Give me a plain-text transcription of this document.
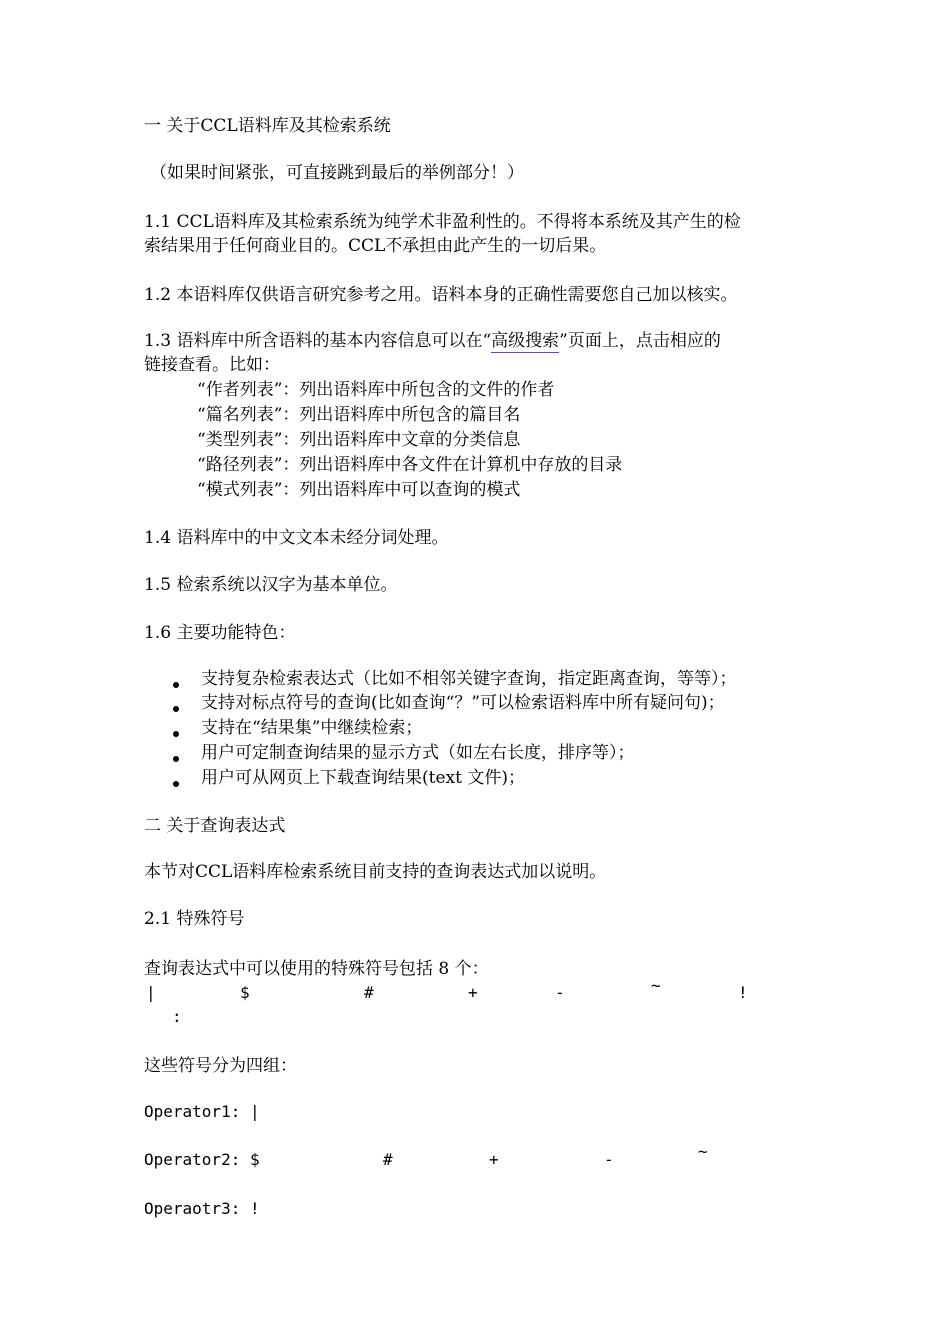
一 关于CCL语料库及其检索系统
（如果时间紧张，可直接跳到最后的举例部分！）
1.1 CCL语料库及其检索系统为纯学术非盈利性的。不得将本系统及其产生的检
索结果用于任何商业目的。CCL不承担由此产生的一切后果。
1.2 本语料库仅供语言研究参考之用。语料本身的正确性需要您自己加以核实。
1.3 语料库中所含语料的基本内容信息可以在“高级搜索”页面上，点击相应的
链接查看。比如：
“作者列表”：列出语料库中所包含的文件的作者
“篇名列表”：列出语料库中所包含的篇目名
“类型列表”：列出语料库中文章的分类信息
“路径列表”：列出语料库中各文件在计算机中存放的目录
“模式列表”：列出语料库中可以查询的模式
1.4 语料库中的中文文本未经分词处理。
1.5 检索系统以汉字为基本单位。
1.6 主要功能特色：
支持复杂检索表达式（比如不相邻关键字查询，指定距离查询，等等）；
支持对标点符号的查询(比如查询“？”可以检索语料库中所有疑问句)；
支持在“结果集”中继续检索；
用户可定制查询结果的显示方式（如左右长度，排序等）；
用户可从网页上下载查询结果(text 文件)；
二 关于查询表达式
本节对CCL语料库检索系统目前支持的查询表达式加以说明。
2.1 特殊符号
查询表达式中可以使用的特殊符号包括 8 个：
|	$	#	+	-	~	!
:
这些符号分为四组：
Operator1: |
Operator2: $	#	+	-	~
Operaotr3: !
